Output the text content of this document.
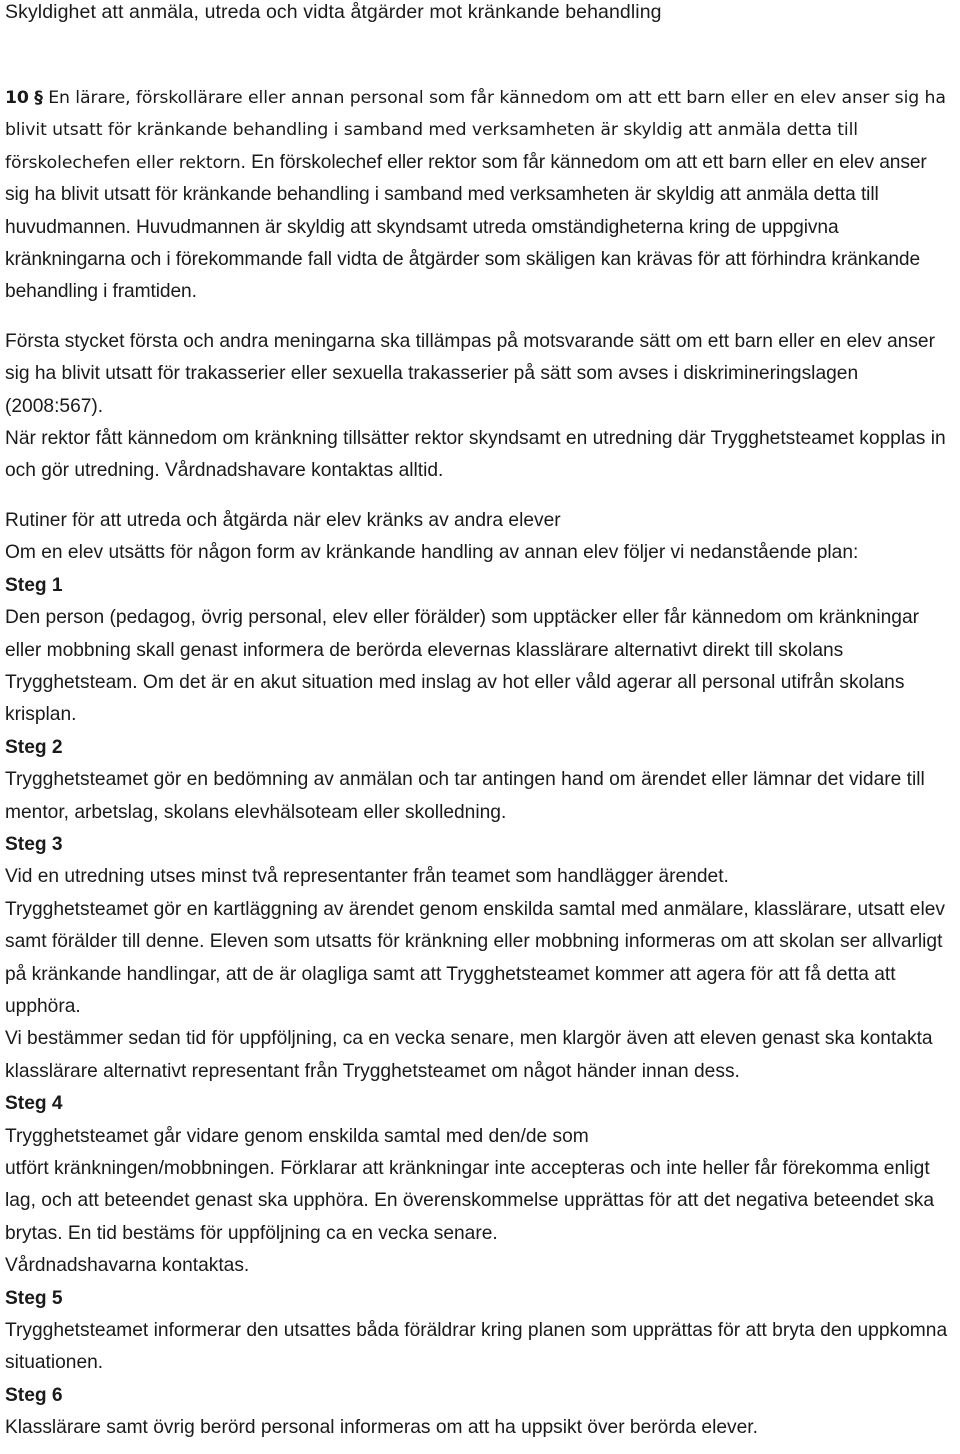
Skyldighet att anmäla, utreda och vidta åtgärder mot kränkande behandling

10 § En lärare, förskollärare eller annan personal som får kännedom om att ett barn eller en elev anser sig ha blivit utsatt för kränkande behandling i samband med verksamheten är skyldig att anmäla detta till förskolechefen eller rektorn. En förskolechef eller rektor som får kännedom om att ett barn eller en elev anser sig ha blivit utsatt för kränkande behandling i samband med verksamheten är skyldig att anmäla detta till huvudmannen. Huvudmannen är skyldig att skyndsamt utreda omständigheterna kring de uppgivna kränkningarna och i förekommande fall vidta de åtgärder som skäligen kan krävas för att förhindra kränkande behandling i framtiden.

Första stycket första och andra meningarna ska tillämpas på motsvarande sätt om ett barn eller en elev anser sig ha blivit utsatt för trakasserier eller sexuella trakasserier på sätt som avses i diskrimineringslagen (2008:567).

När rektor fått kännedom om kränkning tillsätter rektor skyndsamt en utredning där Trygghetsteamet kopplas in och gör utredning. Vårdnadshavare kontaktas alltid.

Rutiner för att utreda och åtgärda när elev kränks av andra elever

Om en elev utsätts för någon form av kränkande handling av annan elev följer vi nedanstående plan:

Steg 1

Den person (pedagog, övrig personal, elev eller förälder) som upptäcker eller får kännedom om kränkningar eller mobbning skall genast informera de berörda elevernas klasslärare alternativt direkt till skolans Trygghetsteam. Om det är en akut situation med inslag av hot eller våld agerar all personal utifrån skolans krisplan.

Steg 2

Trygghetsteamet gör en bedömning av anmälan och tar antingen hand om ärendet eller lämnar det vidare till mentor, arbetslag, skolans elevhälsoteam eller skolledning.

Steg 3

Vid en utredning utses minst två representanter från teamet som handlägger ärendet.

Trygghetsteamet gör en kartläggning av ärendet genom enskilda samtal med anmälare, klasslärare, utsatt elev samt förälder till denne. Eleven som utsatts för kränkning eller mobbning informeras om att skolan ser allvarligt på kränkande handlingar, att de är olagliga samt att Trygghetsteamet kommer att agera för att få detta att upphöra.

Vi bestämmer sedan tid för uppföljning, ca en vecka senare, men klargör även att eleven genast ska kontakta klasslärare alternativt representant från Trygghetsteamet om något händer innan dess.

Steg 4

Trygghetsteamet går vidare genom enskilda samtal med den/de som

utfört kränkningen/mobbningen. Förklarar att kränkningar inte accepteras och inte heller får förekomma enligt lag, och att beteendet genast ska upphöra. En överenskommelse upprättas för att det negativa beteendet ska brytas. En tid bestäms för uppföljning ca en vecka senare.

Vårdnadshavarna kontaktas.

Steg 5

Trygghetsteamet informerar den utsattes båda föräldrar kring planen som upprättas för att bryta den uppkomna situationen.

Steg 6

Klasslärare samt övrig berörd personal informeras om att ha uppsikt över berörda elever.
